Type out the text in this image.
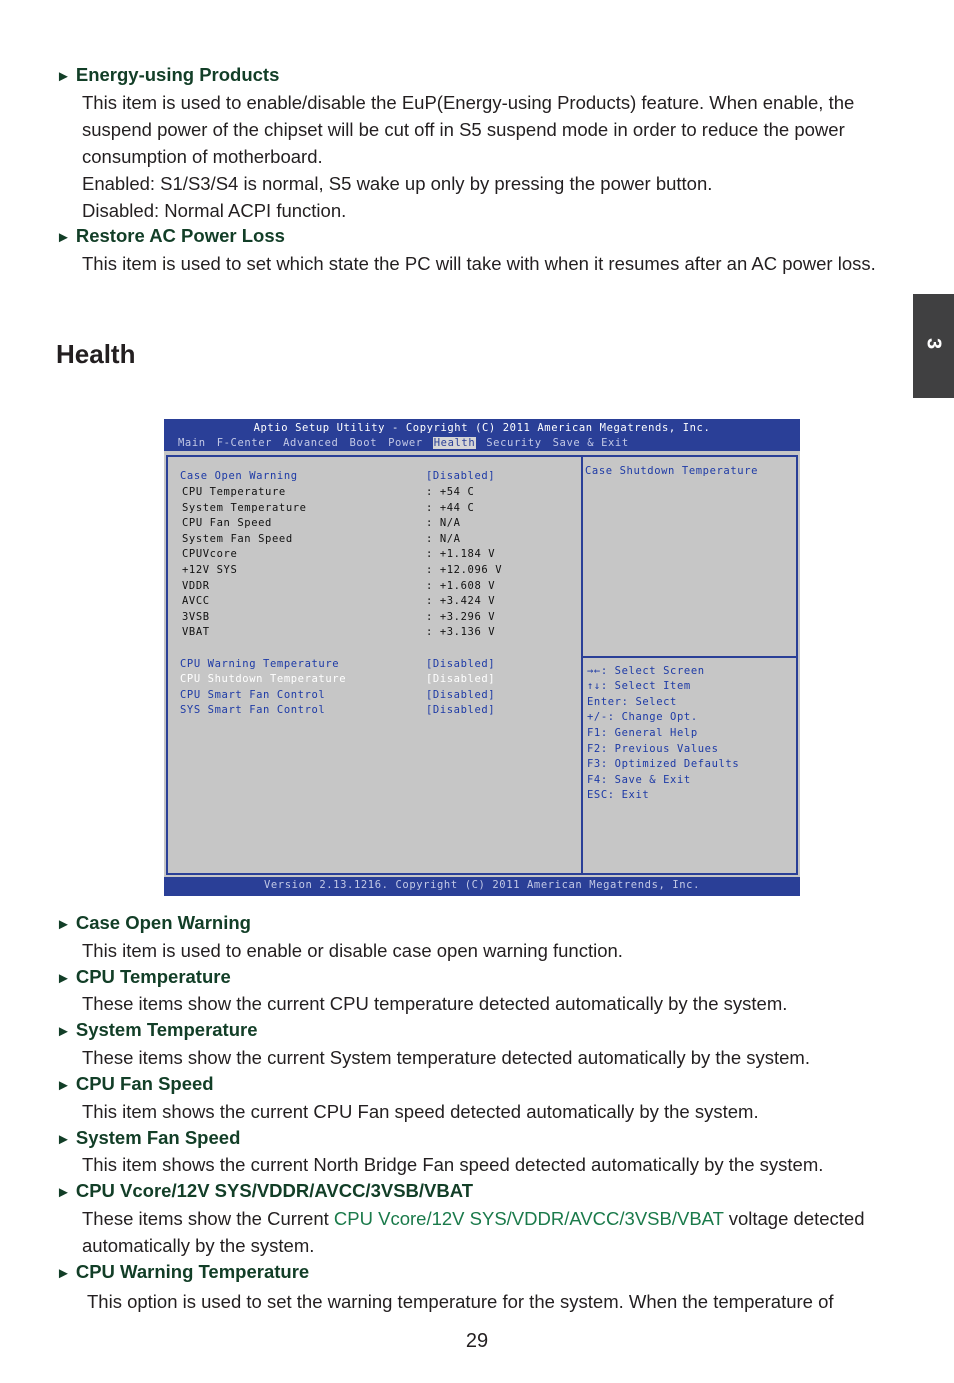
► Energy-using Products
This item is used to enable/disable the EuP(Energy-using Products) feature. When enable, the suspend power of the chipset will be cut off in S5 suspend mode in order to reduce the power consumption of motherboard.
Enabled: S1/S3/S4 is normal, S5 wake up only by pressing the power button.
Disabled: Normal ACPI function.
► Restore AC Power Loss
This item is used to set which state the PC will take with when it resumes after an AC power loss.
Health	3
Aptio Setup Utility - Copyright (C) 2011 American Megatrends, Inc.
Main F-Center Advanced Boot Power Health Security Save & Exit
Case Open Warning	[Disabled]
CPU Temperature	: +54 C
System Temperature	: +44 C
CPU Fan Speed	: N/A
System Fan Speed	: N/A
CPUVcore	: +1.184 V
+12V SYS	: +12.096 V
VDDR	: +1.608 V
AVCC	: +3.424 V
3VSB	: +3.296 V
VBAT	: +3.136 V
CPU Warning Temperature	[Disabled]
CPU Shutdown Temperature	[Disabled]
CPU Smart Fan Control	[Disabled]
SYS Smart Fan Control	[Disabled]
Case Shutdown Temperature
→←: Select Screen
↑↓: Select Item
Enter: Select
+/-: Change Opt.
F1: General Help
F2: Previous Values
F3: Optimized Defaults
F4: Save & Exit
ESC: Exit
Version 2.13.1216. Copyright (C) 2011 American Megatrends, Inc.
► Case Open Warning
This item is used to enable or disable case open warning function.
► CPU Temperature
These items show the current CPU temperature detected automatically by the system.
► System Temperature
These items show the current System temperature detected automatically by the system.
► CPU Fan Speed
This item shows the current CPU Fan speed detected automatically by the system.
► System Fan Speed
This item shows the current North Bridge Fan speed detected automatically by the system.
► CPU Vcore/12V SYS/VDDR/AVCC/3VSB/VBAT
These items show the Current CPU Vcore/12V SYS/VDDR/AVCC/3VSB/VBAT voltage detected automatically by the system.
► CPU Warning Temperature
This option is used to set the warning temperature for the system. When the temperature of
29
